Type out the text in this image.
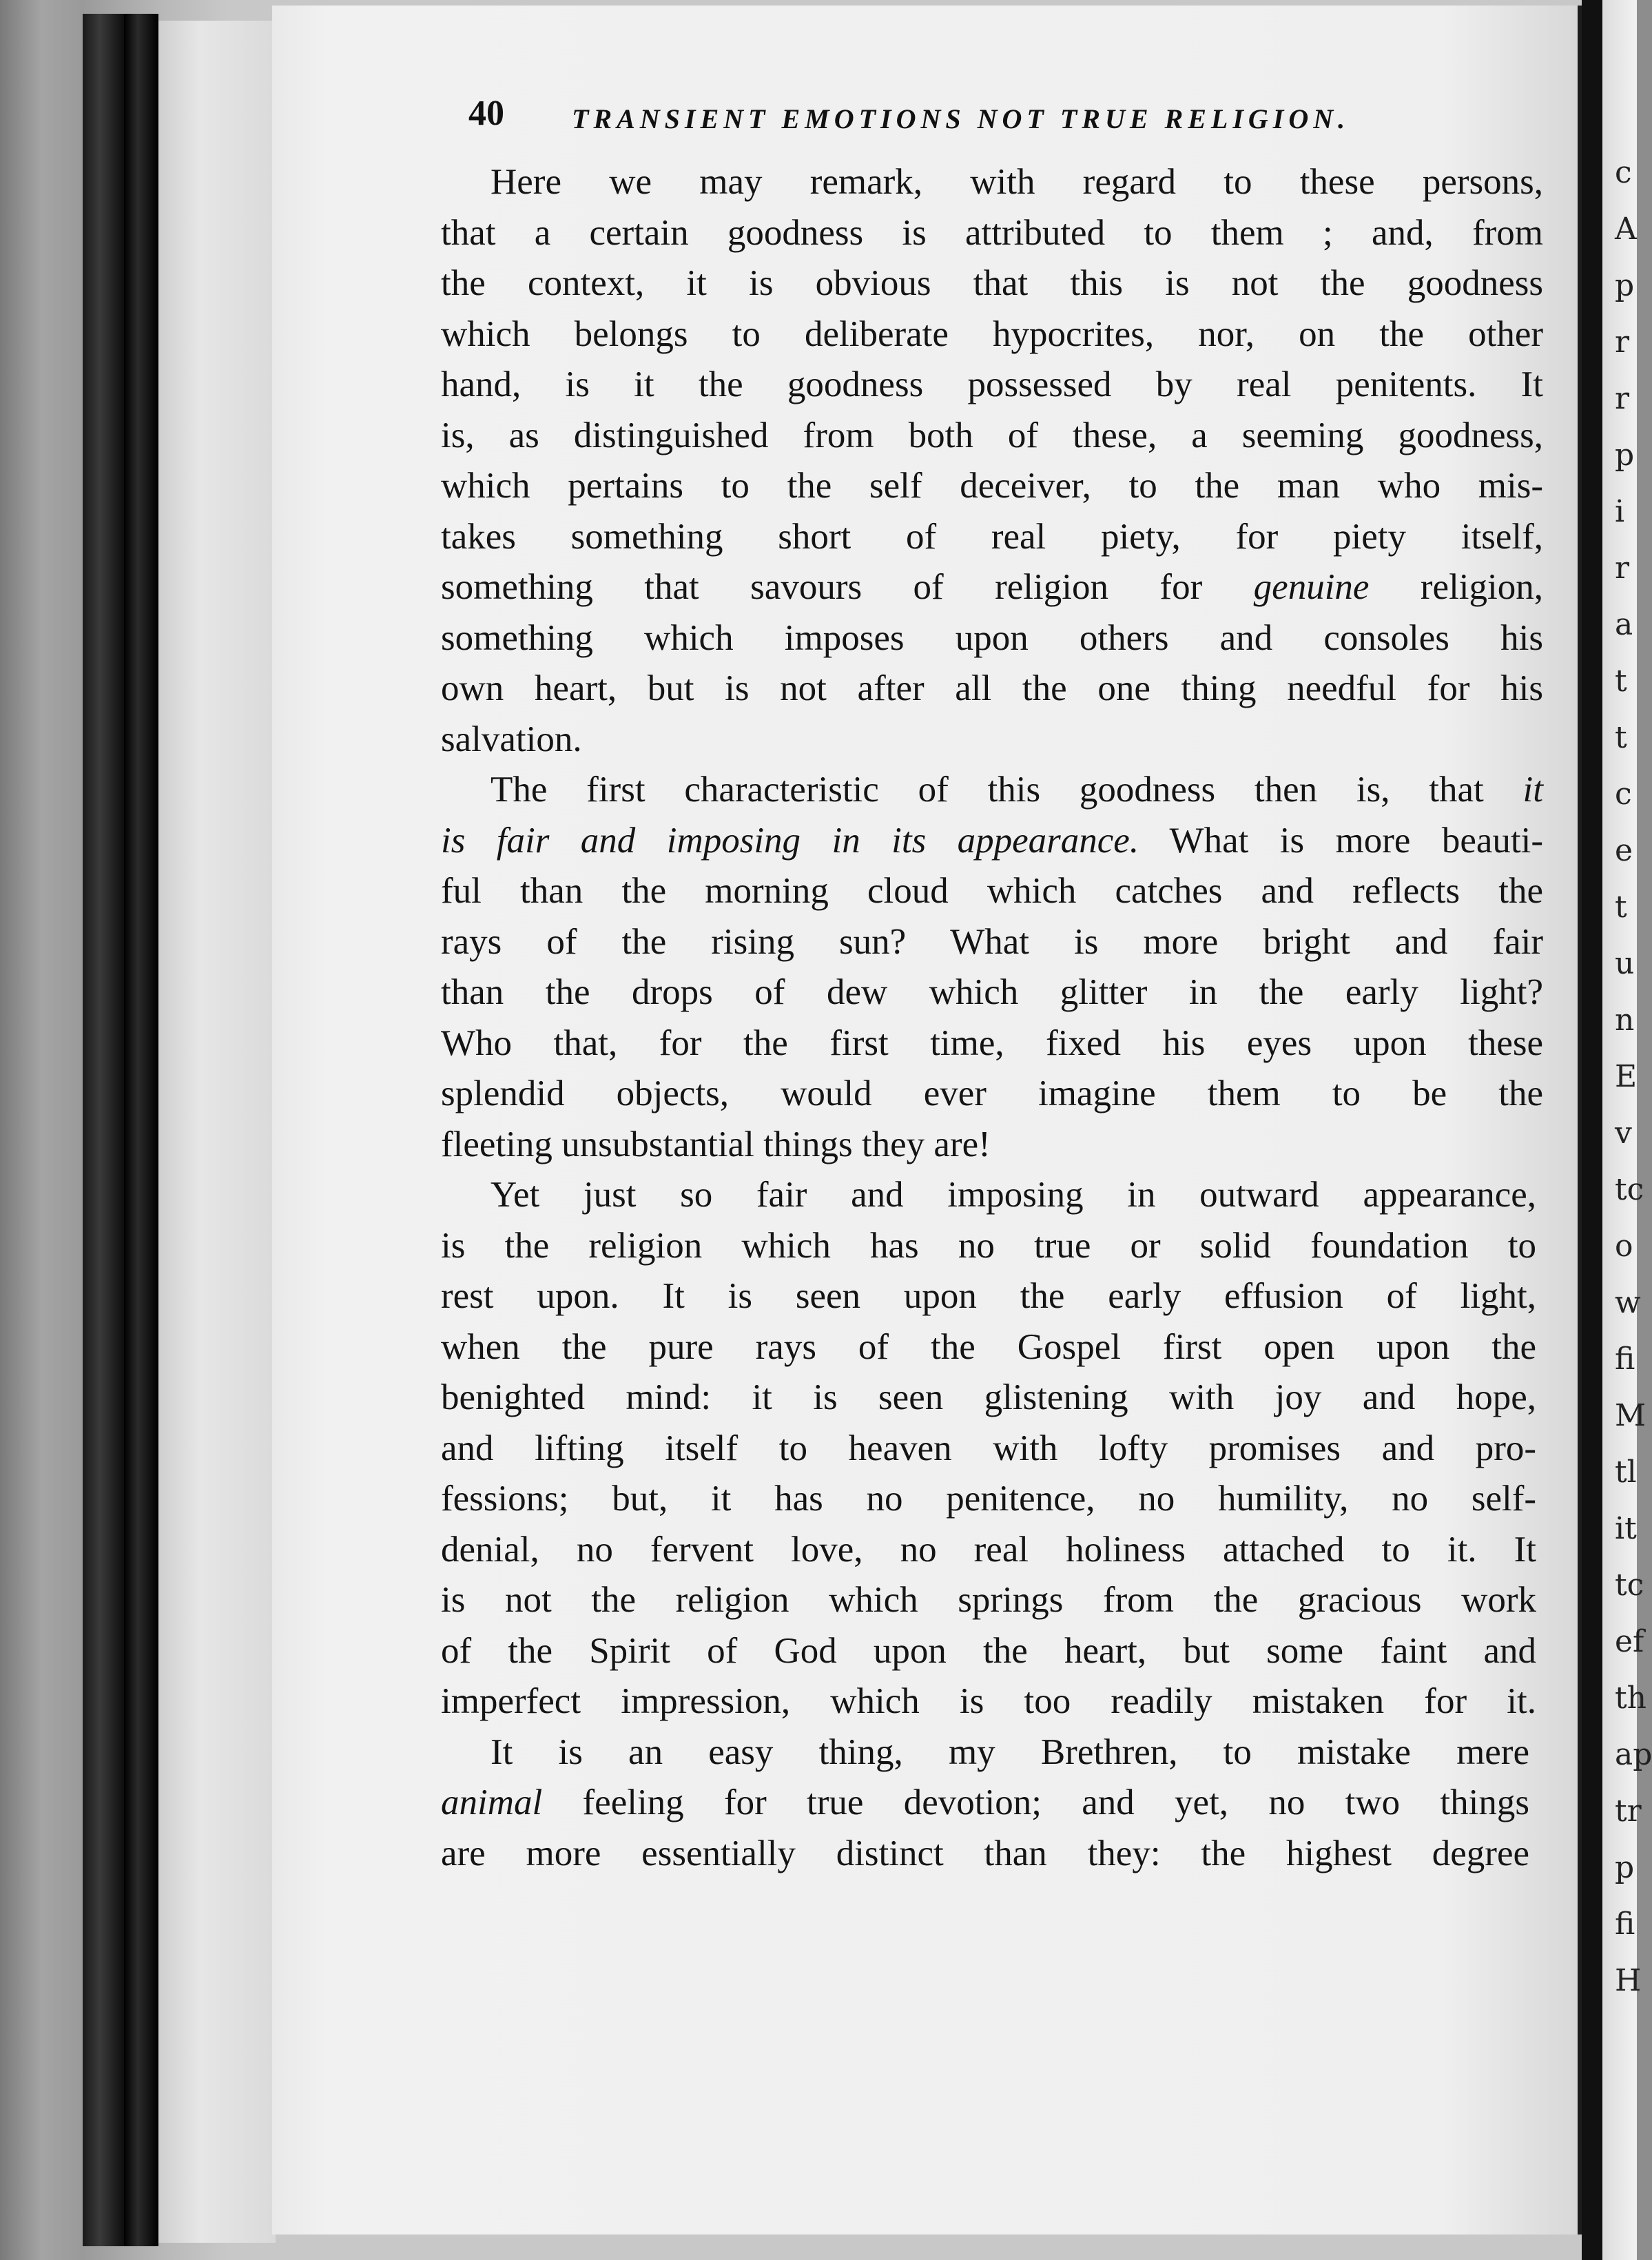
40 TRANSIENT EMOTIONS NOT TRUE RELIGION.
Here we may remark, with regard to these persons,
that a certain goodness is attributed to them ; and, from
the context, it is obvious that this is not the goodness
which belongs to deliberate hypocrites, nor, on the other
hand, is it the goodness possessed by real penitents. It
is, as distinguished from both of these, a seeming goodness,
which pertains to the self deceiver, to the man who mis-
takes something short of real piety, for piety itself,
something that savours of religion for genuine religion,
something which imposes upon others and consoles his
own heart, but is not after all the one thing needful for his
salvation.
The first characteristic of this goodness then is, that it
is fair and imposing in its appearance. What is more beauti-
ful than the morning cloud which catches and reflects the
rays of the rising sun? What is more bright and fair
than the drops of dew which glitter in the early light?
Who that, for the first time, fixed his eyes upon these
splendid objects, would ever imagine them to be the
fleeting unsubstantial things they are!
Yet just so fair and imposing in outward appearance,
is the religion which has no true or solid foundation to
rest upon. It is seen upon the early effusion of light,
when the pure rays of the Gospel first open upon the
benighted mind: it is seen glistening with joy and hope,
and lifting itself to heaven with lofty promises and pro-
fessions; but, it has no penitence, no humility, no self-
denial, no fervent love, no real holiness attached to it. It
is not the religion which springs from the gracious work
of the Spirit of God upon the heart, but some faint and
imperfect impression, which is too readily mistaken for it.
It is an easy thing, my Brethren, to mistake mere
animal feeling for true devotion; and yet, no two things
are more essentially distinct than they: the highest degree
c
A
p
r
r
p
i
r
a
t
t
c
e
t
u
n
E
v
tc
o
w
fi
M
tl
it
tc
ef
th
ap
tr
p
fi
H
